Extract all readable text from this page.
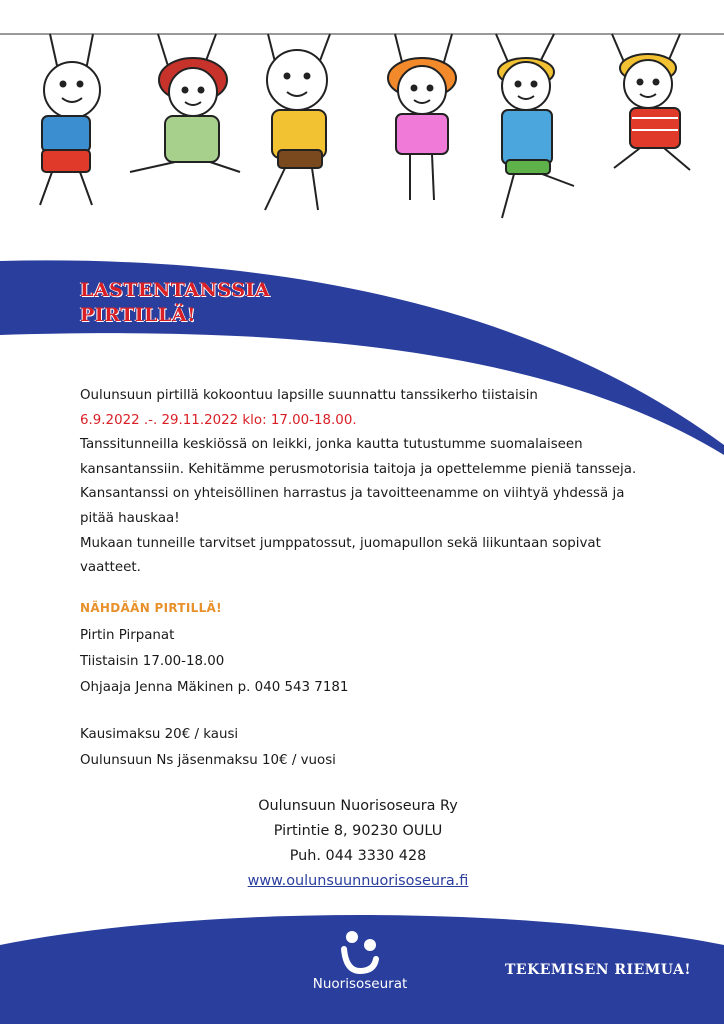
LASTENTANSSIA
PIRTILLÄ!

Oulunsuun pirtillä kokoontuu lapsille suunnattu tanssikerho tiistaisin

6.9.2022 .-. 29.11.2022 klo: 17.00-18.00.

Tanssitunneilla keskiössä on leikki, jonka kautta tutustumme suomalaiseen

kansantanssiin. Kehitämme perusmotorisia taitoja ja opettelemme pieniä tansseja.

Kansantanssi on yhteisöllinen harrastus ja tavoitteenamme on viihtyä yhdessä ja

pitää hauskaa!

Mukaan tunneille tarvitset jumppatossut, juomapullon sekä liikuntaan sopivat

vaatteet.

NÄHDÄÄN PIRTILLÄ!

Pirtin Pirpanat

Tiistaisin 17.00-18.00

Ohjaaja Jenna Mäkinen p. 040 543 7181

Kausimaksu 20€ / kausi

Oulunsuun Ns jäsenmaksu 10€ / vuosi

Oulunsuun Nuorisoseura Ry

Pirtintie 8, 90230 OULU

Puh. 044 3330 428

www.oulunsuunnuorisoseura.fi

Nuorisoseurat

TEKEMISEN RIEMUA!
